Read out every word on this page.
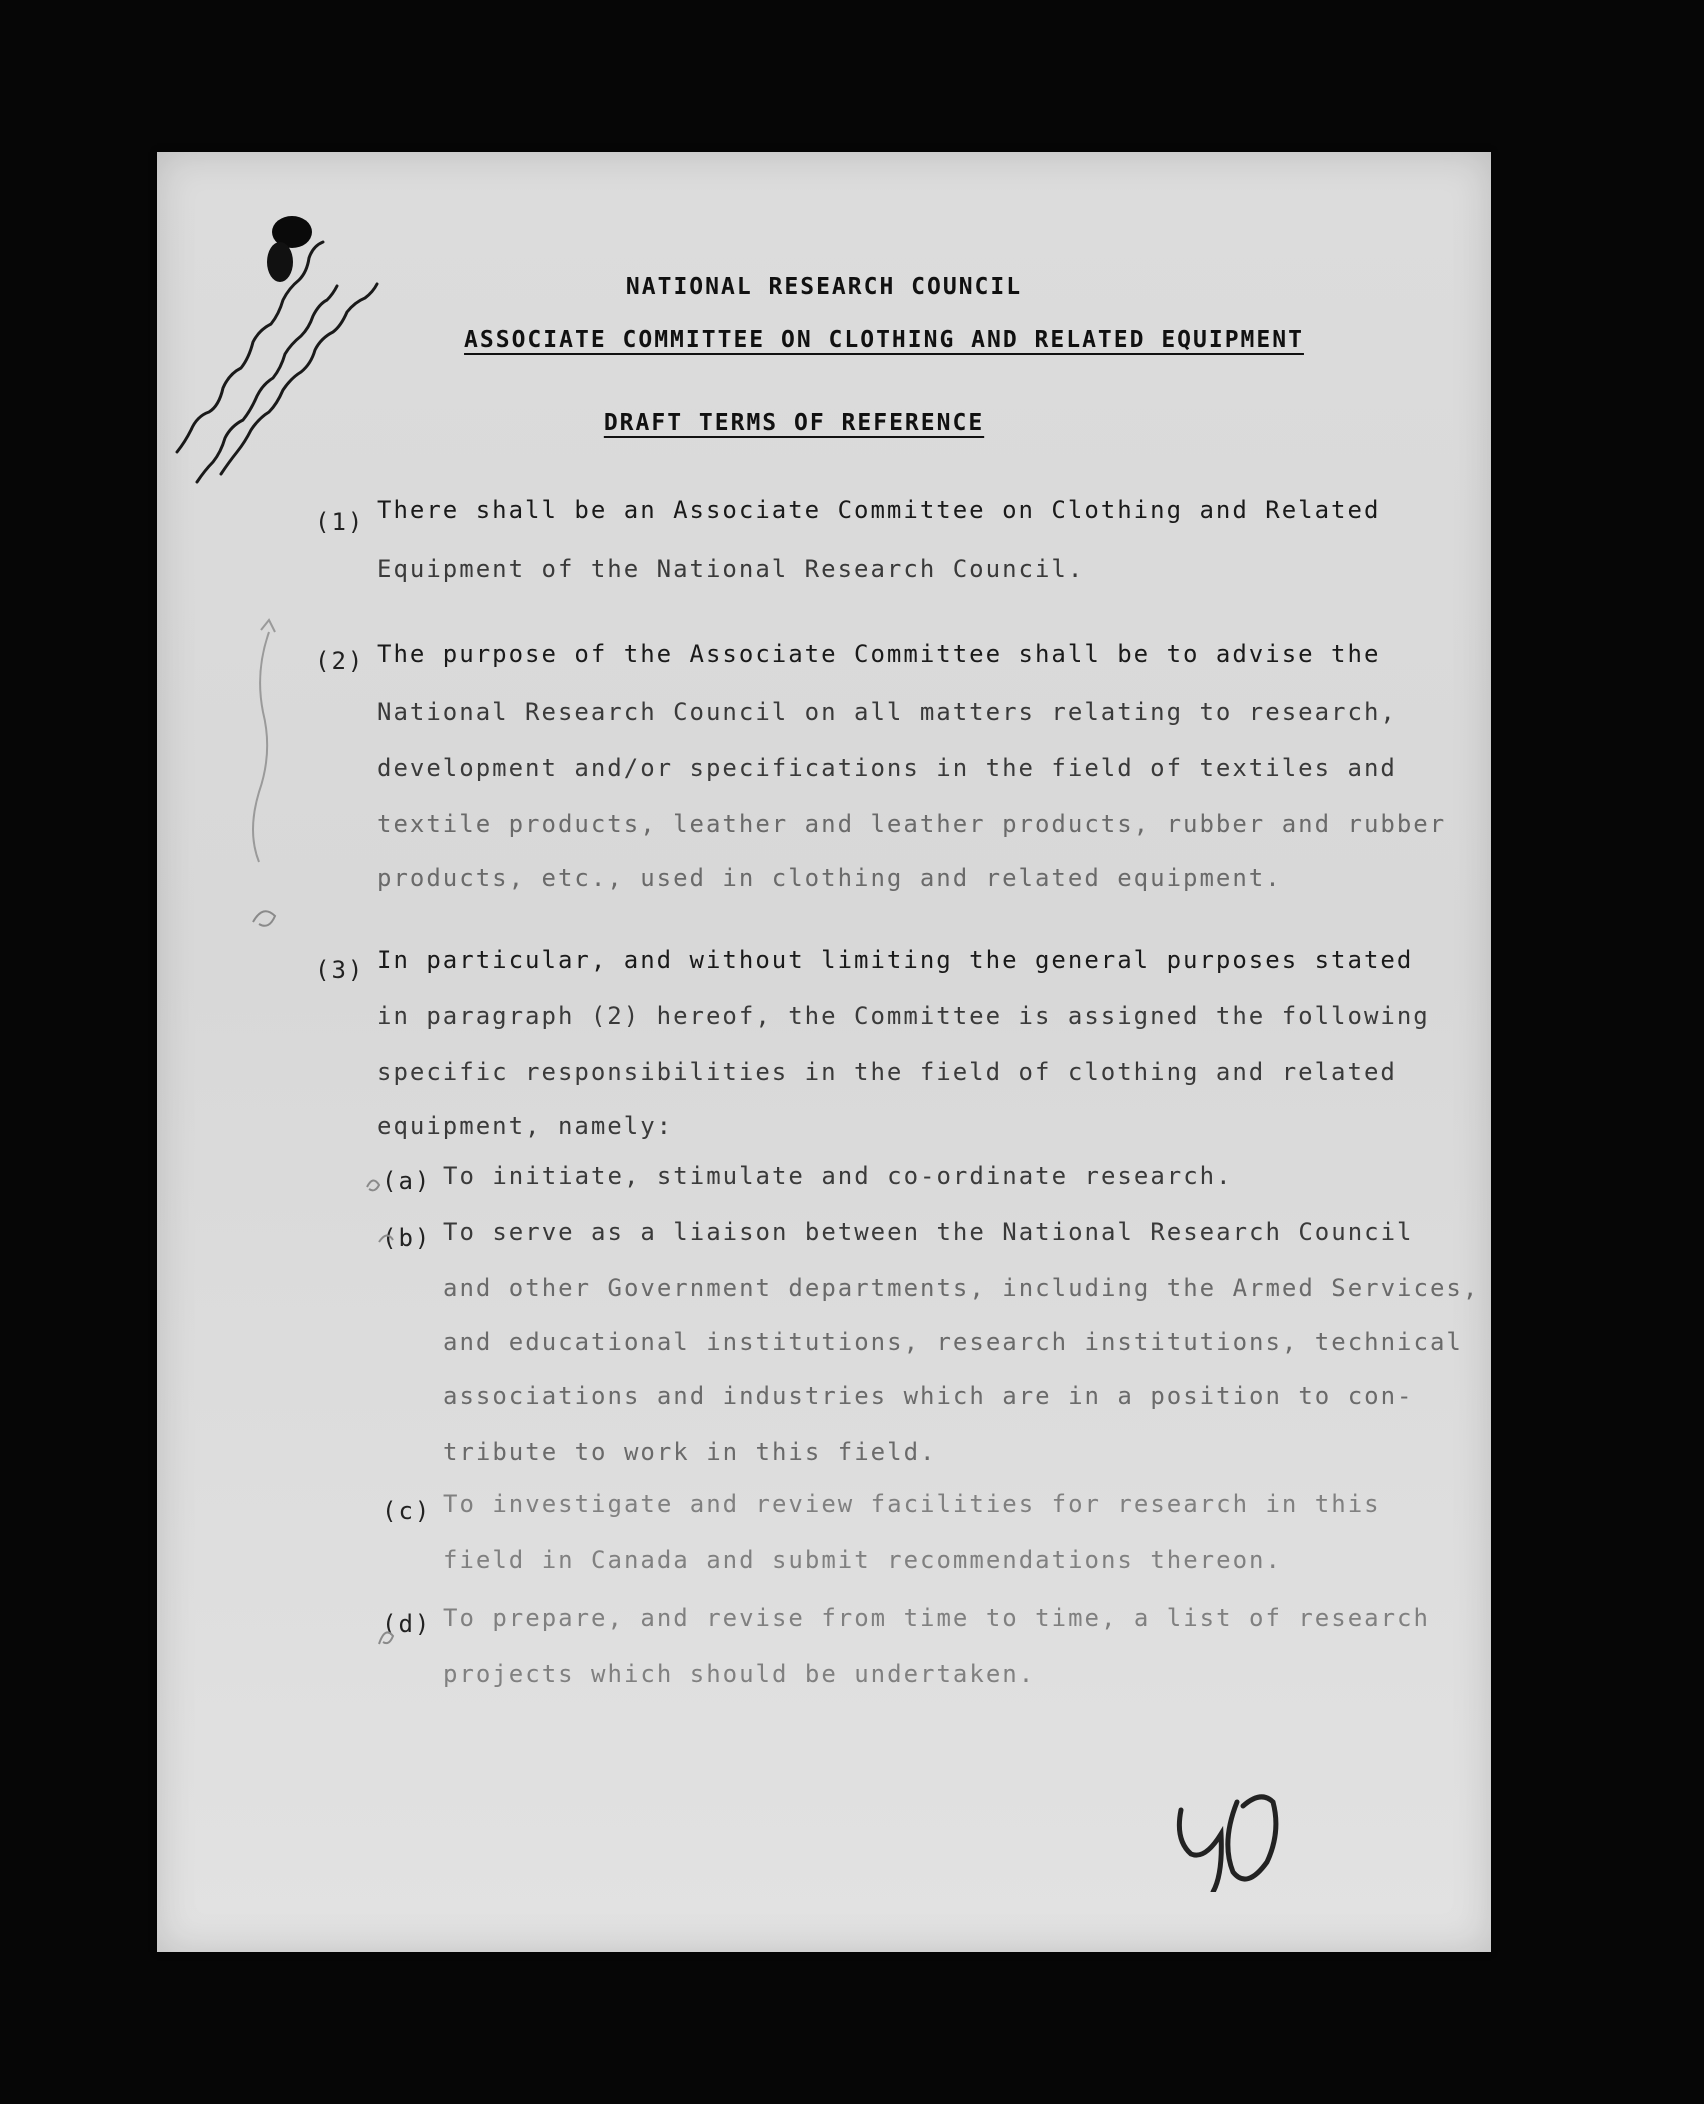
NATIONAL RESEARCH COUNCIL
ASSOCIATE COMMITTEE ON CLOTHING AND RELATED EQUIPMENT
DRAFT TERMS OF REFERENCE
(1) There shall be an Associate Committee on Clothing and Related
Equipment of the National Research Council.
(2) The purpose of the Associate Committee shall be to advise the
National Research Council on all matters relating to research,
development and/or specifications in the field of textiles and
textile products, leather and leather products, rubber and rubber
products, etc., used in clothing and related equipment.
(3) In particular, and without limiting the general purposes stated
in paragraph (2) hereof, the Committee is assigned the following
specific responsibilities in the field of clothing and related
equipment, namely:
(a) To initiate, stimulate and co-ordinate research.
(b) To serve as a liaison between the National Research Council
and other Government departments, including the Armed Services,
and educational institutions, research institutions, technical
associations and industries which are in a position to con-
tribute to work in this field.
(c) To investigate and review facilities for research in this
field in Canada and submit recommendations thereon.
(d) To prepare, and revise from time to time, a list of research
projects which should be undertaken.
